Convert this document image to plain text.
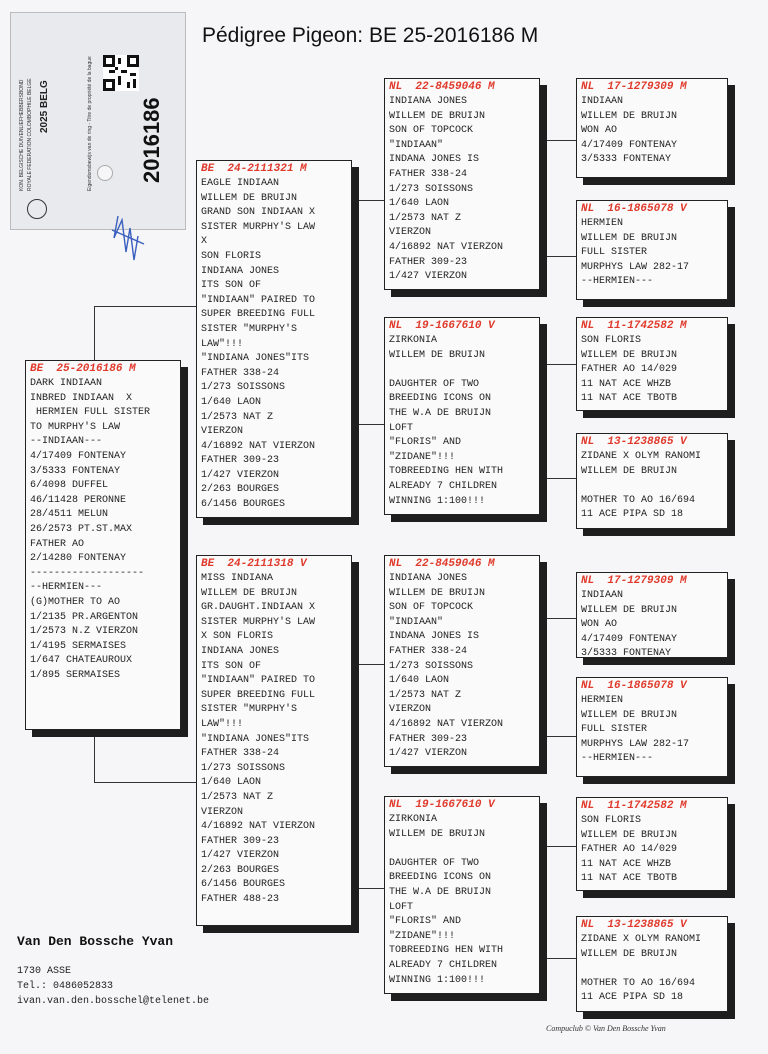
Pédigree Pigeon: BE 25-2016186 M
KON. BELGISCHE DUIVENLIEFHEBBERSBOND ROYALE FEDERATION COLOMBOPHILE BELGE	Eigendomsbewijs van de ring - Titre de propriété de la bague
2025 BELG	2016186
BE  25-2016186 M
DARK INDIAAN
INBRED INDIAAN  X
HERMIEN FULL SISTER
TO MURPHY'S LAW
--INDIAAN---
4/17409 FONTENAY
3/5333 FONTENAY
6/4098 DUFFEL
46/11428 PERONNE
28/4511 MELUN
26/2573 PT.ST.MAX
FATHER AO
2/14280 FONTENAY
-------------------
--HERMIEN---
(G)MOTHER TO AO
1/2135 PR.ARGENTON
1/2573 N.Z VIERZON
1/4195 SERMAISES
1/647 CHATEAUROUX
1/895 SERMAISES
BE  24-2111321 M
EAGLE INDIAAN
WILLEM DE BRUIJN
GRAND SON INDIAAN X
SISTER MURPHY'S LAW
X
SON FLORIS
INDIANA JONES
ITS SON OF
"INDIAAN" PAIRED TO
SUPER BREEDING FULL
SISTER "MURPHY'S
LAW"!!!
"INDIANA JONES"ITS
FATHER 338-24
1/273 SOISSONS
1/640 LAON
1/2573 NAT Z
VIERZON
4/16892 NAT VIERZON
FATHER 309-23
1/427 VIERZON
2/263 BOURGES
6/1456 BOURGES
BE  24-2111318 V
MISS INDIANA
WILLEM DE BRUIJN
GR.DAUGHT.INDIAAN X
SISTER MURPHY'S LAW
X SON FLORIS
INDIANA JONES
ITS SON OF
"INDIAAN" PAIRED TO
SUPER BREEDING FULL
SISTER "MURPHY'S
LAW"!!!
"INDIANA JONES"ITS
FATHER 338-24
1/273 SOISSONS
1/640 LAON
1/2573 NAT Z
VIERZON
4/16892 NAT VIERZON
FATHER 309-23
1/427 VIERZON
2/263 BOURGES
6/1456 BOURGES
FATHER 488-23
NL  22-8459046 M
INDIANA JONES
WILLEM DE BRUIJN
SON OF TOPCOCK
"INDIAAN"
INDANA JONES IS
FATHER 338-24
1/273 SOISSONS
1/640 LAON
1/2573 NAT Z
VIERZON
4/16892 NAT VIERZON
FATHER 309-23
1/427 VIERZON
NL  19-1667610 V
ZIRKONIA
WILLEM DE BRUIJN

DAUGHTER OF TWO
BREEDING ICONS ON
THE W.A DE BRUIJN
LOFT
"FLORIS" AND
"ZIDANE"!!!
TOBREEDING HEN WITH
ALREADY 7 CHILDREN
WINNING 1:100!!!
NL  22-8459046 M
INDIANA JONES
WILLEM DE BRUIJN
SON OF TOPCOCK
"INDIAAN"
INDANA JONES IS
FATHER 338-24
1/273 SOISSONS
1/640 LAON
1/2573 NAT Z
VIERZON
4/16892 NAT VIERZON
FATHER 309-23
1/427 VIERZON
NL  19-1667610 V
ZIRKONIA
WILLEM DE BRUIJN

DAUGHTER OF TWO
BREEDING ICONS ON
THE W.A DE BRUIJN
LOFT
"FLORIS" AND
"ZIDANE"!!!
TOBREEDING HEN WITH
ALREADY 7 CHILDREN
WINNING 1:100!!!
NL  17-1279309 M
INDIAAN
WILLEM DE BRUIJN
WON AO
4/17409 FONTENAY
3/5333 FONTENAY
NL  16-1865078 V
HERMIEN
WILLEM DE BRUIJN
FULL SISTER
MURPHYS LAW 282-17
--HERMIEN---
NL  11-1742582 M
SON FLORIS
WILLEM DE BRUIJN
FATHER AO 14/029
11 NAT ACE WHZB
11 NAT ACE TBOTB
NL  13-1238865 V
ZIDANE X OLYM RANOMI
WILLEM DE BRUIJN

MOTHER TO AO 16/694
11 ACE PIPA SD 18
NL  17-1279309 M
INDIAAN
WILLEM DE BRUIJN
WON AO
4/17409 FONTENAY
3/5333 FONTENAY
NL  16-1865078 V
HERMIEN
WILLEM DE BRUIJN
FULL SISTER
MURPHYS LAW 282-17
--HERMIEN---
NL  11-1742582 M
SON FLORIS
WILLEM DE BRUIJN
FATHER AO 14/029
11 NAT ACE WHZB
11 NAT ACE TBOTB
NL  13-1238865 V
ZIDANE X OLYM RANOMI
WILLEM DE BRUIJN

MOTHER TO AO 16/694
11 ACE PIPA SD 18
Van Den Bossche Yvan
1730 ASSE
Tel.: 0486052833
ivan.van.den.bosschel@telenet.be
Compuclub © Van Den Bossche Yvan
